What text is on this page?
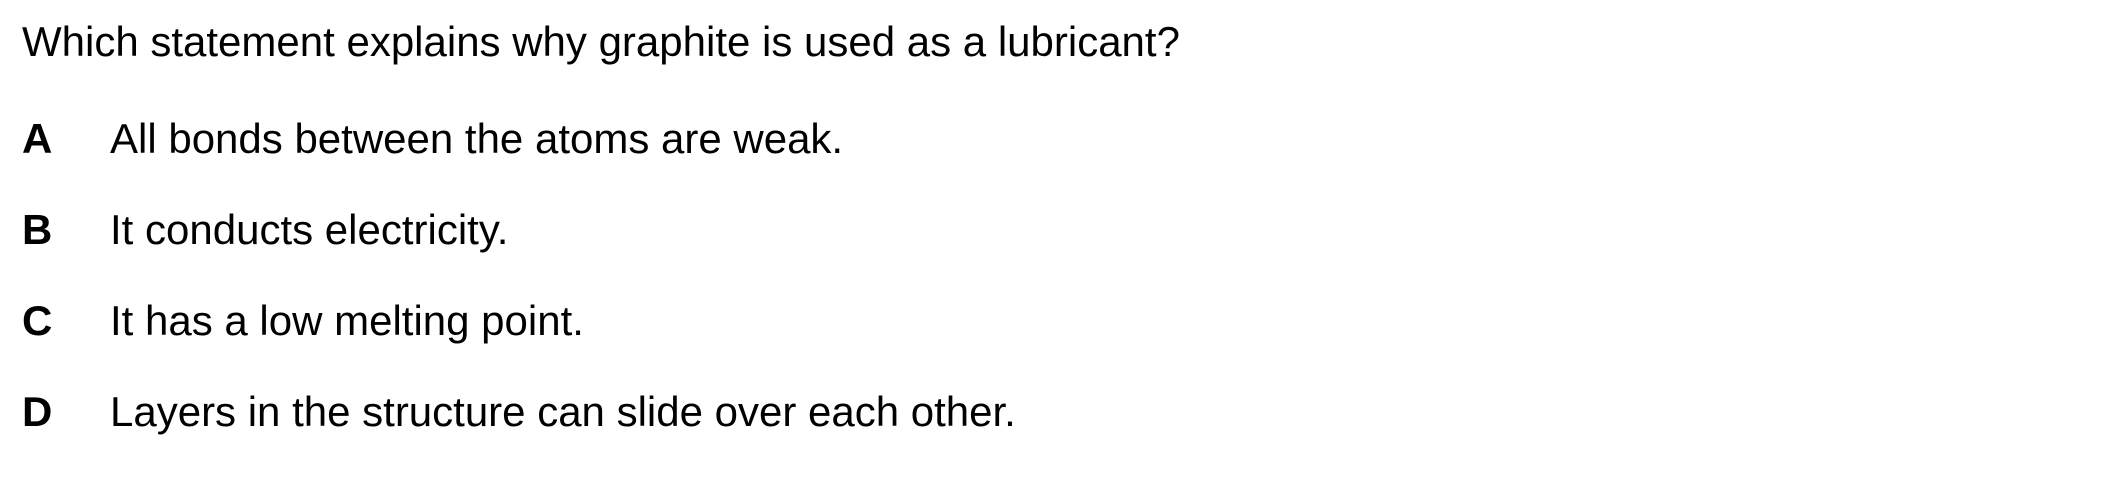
Which statement explains why graphite is used as a lubricant?
A	All bonds between the atoms are weak.
B	It conducts electricity.
C	It has a low melting point.
D	Layers in the structure can slide over each other.
